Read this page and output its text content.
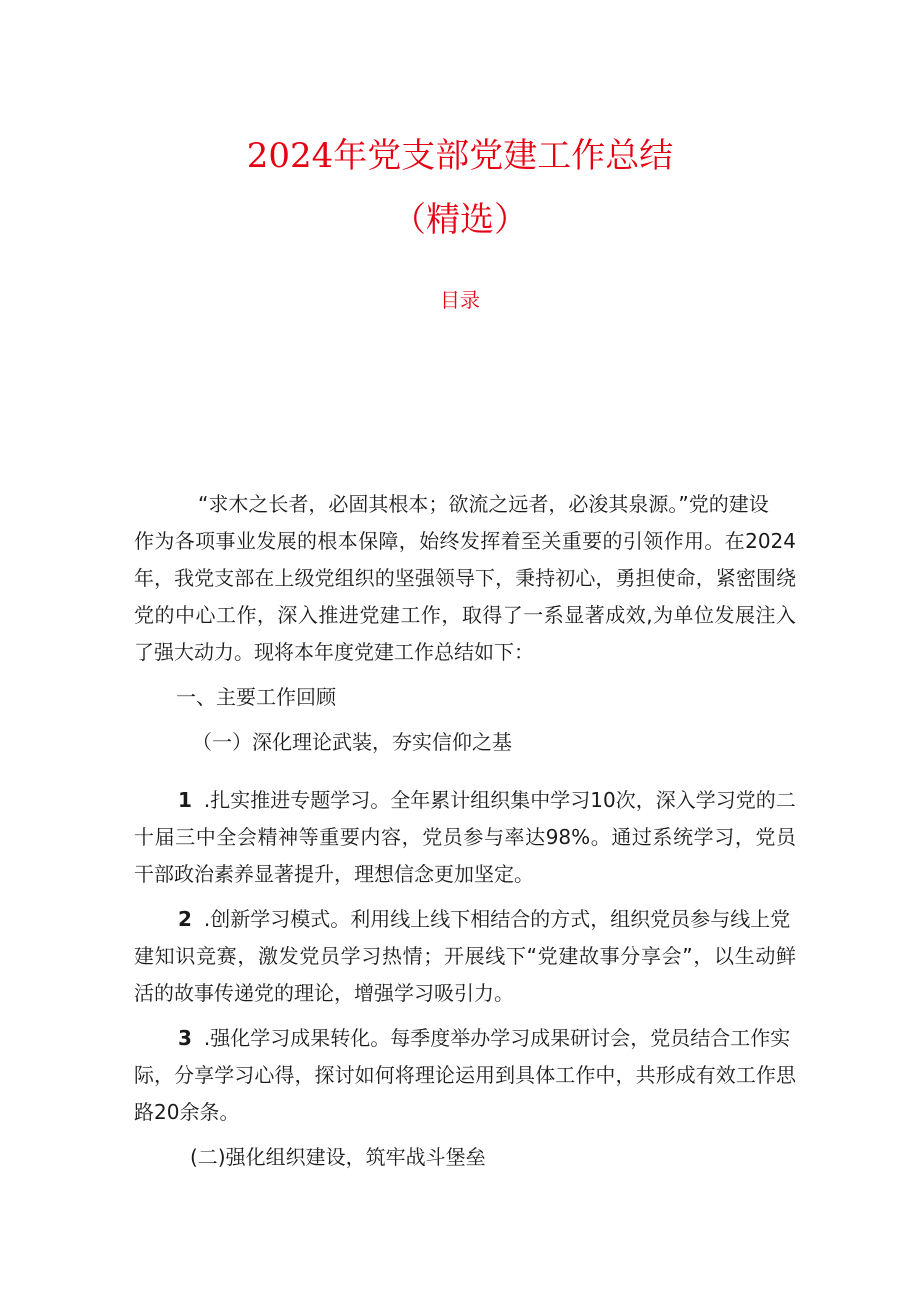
2024年党支部党建工作总结
（精选）
目录
“求木之长者，必固其根本；欲流之远者，必浚其泉源。”党的建设
作为各项事业发展的根本保障，始终发挥着至关重要的引领作用。在2024
年，我党支部在上级党组织的坚强领导下，秉持初心，勇担使命，紧密围绕
党的中心工作，深入推进党建工作，取得了一系显著成效,为单位发展注入
了强大动力。现将本年度党建工作总结如下：
一、主要工作回顾
（一）深化理论武装，夯实信仰之基
1 .扎实推进专题学习。全年累计组织集中学习10次，深入学习党的二
十届三中全会精神等重要内容，党员参与率达98%。通过系统学习，党员
干部政治素养显著提升，理想信念更加坚定。
2 .创新学习模式。利用线上线下相结合的方式，组织党员参与线上党
建知识竞赛，激发党员学习热情；开展线下“党建故事分享会”，以生动鲜
活的故事传递党的理论，增强学习吸引力。
3 .强化学习成果转化。每季度举办学习成果研讨会，党员结合工作实
际，分享学习心得，探讨如何将理论运用到具体工作中，共形成有效工作思
路20余条。
(二)强化组织建设，筑牢战斗堡垒
